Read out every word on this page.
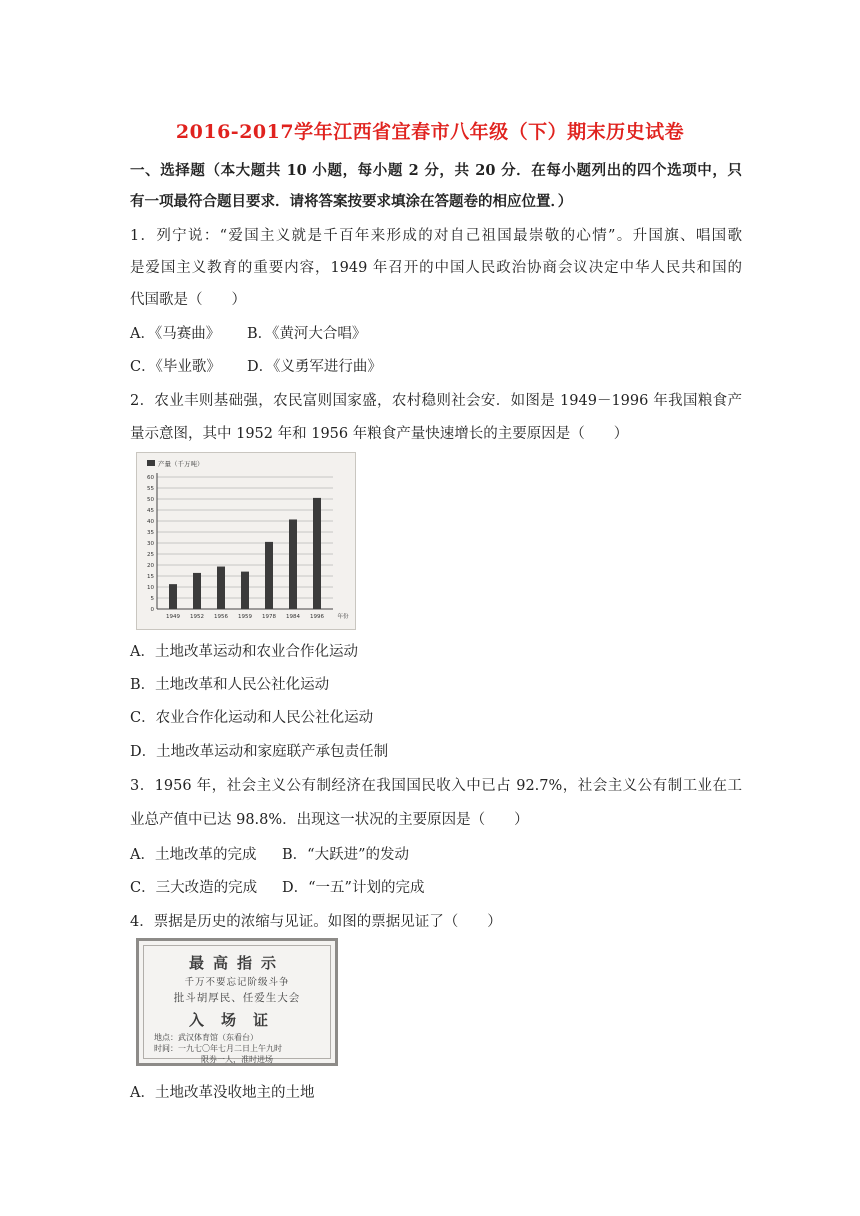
2016-2017学年江西省宜春市八年级（下）期末历史试卷
一、选择题（本大题共 10 小题，每小题 2 分，共 20 分．在每小题列出的四个选项中，只
有一项最符合题目要求．请将答案按要求填涂在答题卷的相应位置．）
1．列宁说：“爱国主义就是千百年来形成的对自己祖国最崇敬的心情”。升国旗、唱国歌
是爱国主义教育的重要内容，1949 年召开的中国人民政治协商会议决定中华人民共和国的
代国歌是（　　）
A．《马赛曲》 B．《黄河大合唱》
C．《毕业歌》 D．《义勇军进行曲》
2．农业丰则基础强，农民富则国家盛，农村稳则社会安．如图是 1949－1996 年我国粮食产
量示意图，其中 1952 年和 1956 年粮食产量快速增长的主要原因是（　　）
产量（千万吨）
0
5
10
15
20
25
30
35
40
45
50
55
60
1949 1952 1956 1959 1978 1984 1996 年份
A．土地改革运动和农业合作化运动
B．土地改革和人民公社化运动
C．农业合作化运动和人民公社化运动
D．土地改革运动和家庭联产承包责任制
3．1956 年，社会主义公有制经济在我国国民收入中已占 92.7%，社会主义公有制工业在工
业总产值中已达 98.8%．出现这一状况的主要原因是（　　）
A．土地改革的完成 B．“大跃进”的发动
C．三大改造的完成 D．“一五”计划的完成
4．票据是历史的浓缩与见证。如图的票据见证了（　　）
最高指示
千万不要忘记阶级斗争
批斗胡厚民、任爱生大会
入场证
地点：武汉体育馆（东看台）
时间：一九七〇年七月二日上午九时
限券一人，准时进场
A．土地改革没收地主的土地
